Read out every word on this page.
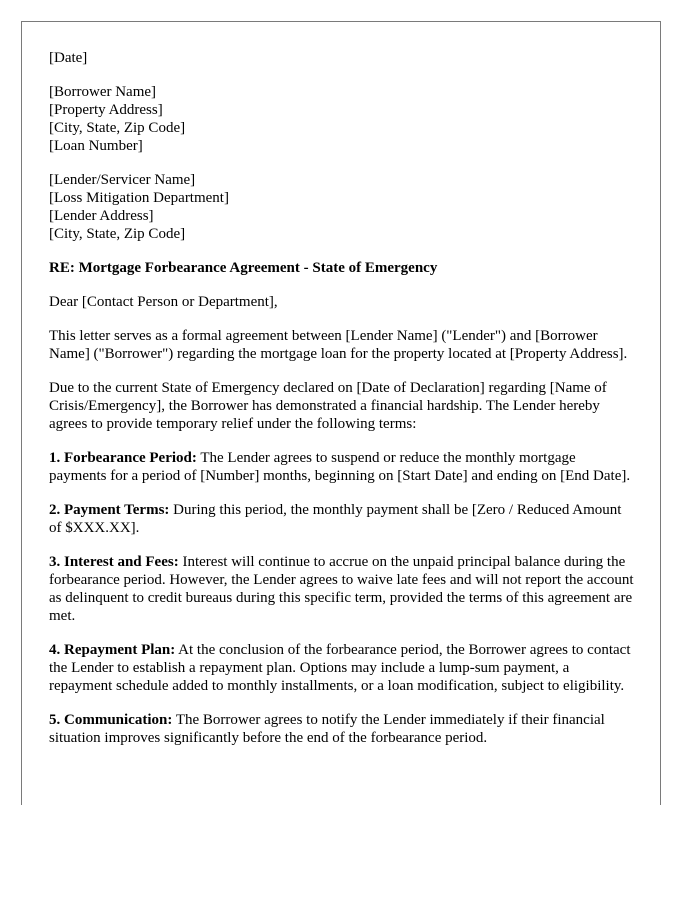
[Date]
[Borrower Name]
[Property Address]
[City, State, Zip Code]
[Loan Number]
[Lender/Servicer Name]
[Loss Mitigation Department]
[Lender Address]
[City, State, Zip Code]

RE: Mortgage Forbearance Agreement - State of Emergency

Dear [Contact Person or Department],

This letter serves as a formal agreement between [Lender Name] ("Lender") and [Borrower Name] ("Borrower") regarding the mortgage loan for the property located at [Property Address].

Due to the current State of Emergency declared on [Date of Declaration] regarding [Name of Crisis/Emergency], the Borrower has demonstrated a financial hardship. The Lender hereby agrees to provide temporary relief under the following terms:

1. Forbearance Period: The Lender agrees to suspend or reduce the monthly mortgage payments for a period of [Number] months, beginning on [Start Date] and ending on [End Date].

2. Payment Terms: During this period, the monthly payment shall be [Zero / Reduced Amount of $XXX.XX].

3. Interest and Fees: Interest will continue to accrue on the unpaid principal balance during the forbearance period. However, the Lender agrees to waive late fees and will not report the account as delinquent to credit bureaus during this specific term, provided the terms of this agreement are met.

4. Repayment Plan: At the conclusion of the forbearance period, the Borrower agrees to contact the Lender to establish a repayment plan. Options may include a lump-sum payment, a repayment schedule added to monthly installments, or a loan modification, subject to eligibility.

5. Communication: The Borrower agrees to notify the Lender immediately if their financial situation improves significantly before the end of the forbearance period.
